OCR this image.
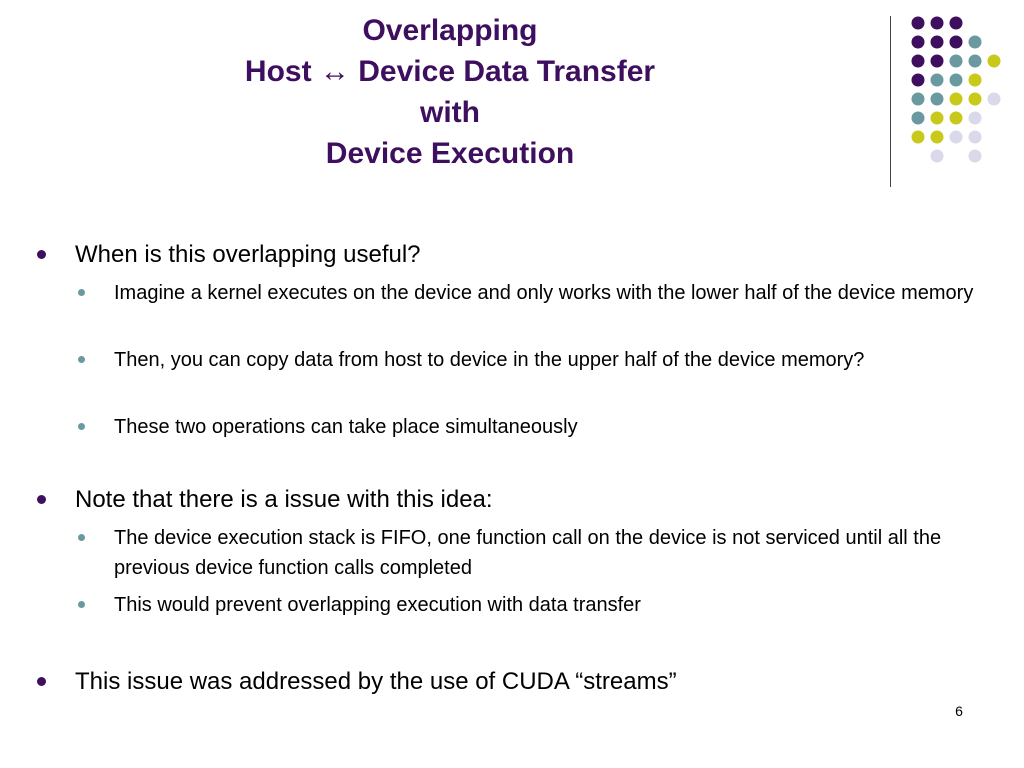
Overlapping
Host ↔ Device Data Transfer
with
Device Execution
When is this overlapping useful?
Imagine a kernel executes on the device and only works with the lower half of the device memory
Then, you can copy data from host to device in the upper half of the device memory?
These two operations can take place simultaneously
Note that there is a issue with this idea:
The device execution stack is FIFO, one function call on the device is not serviced until all the previous device function calls completed
This would prevent overlapping execution with data transfer
This issue was addressed by the use of CUDA “streams”
6
